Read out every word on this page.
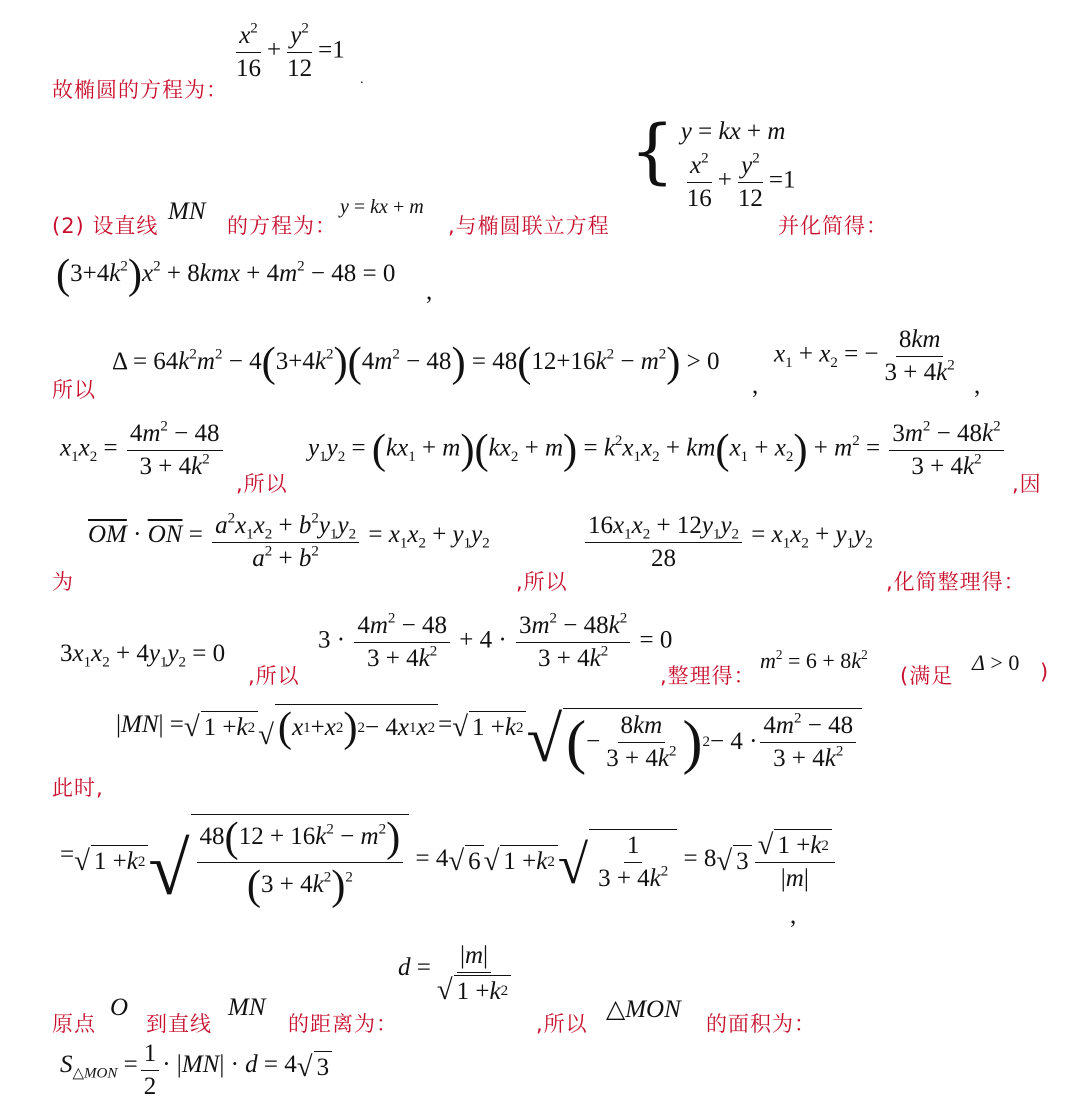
故椭圆的方程为：
$\frac{x^2}{16} + \frac{y^2}{12} =1$
.
(2) 设直线
MN
的方程为：
y = kx + m
,与椭圆联立方程
{ y = kx + m
$\frac{x^2}{16} + \frac{y^2}{12} =1$
并化简得：
$(3+4k^2)x^2 + 8kmx + 4m^2 - 48 = 0$
,
所以
$\Delta = 64k^2m^2 - 4(3+4k^2)(4m^2 - 48) = 48(12+16k^2 - m^2) > 0$
,
$x_1 + x_2$ = − $\frac{8km}{3 + 4k^2}$ ,
$x_1x_2 = \frac{4m^2 - 48}{3 + 4k^2}$
,所以
$y_1y_2 = (kx_1 + m)(kx_2 + m) = k^2x_1x_2 + km(x_1 + x_2) + m^2 = \frac{3m^2 - 48k^2}{3 + 4k^2}$
,因
为
$\overline{OM} \cdot \overline{ON} = \frac{a^2x_1x_2 + b^2y_1y_2}{a^2 + b^2} = x_1x_2 + y_1y_2$
,所以
$\frac{16x_1x_2 + 12y_1y_2}{28} = x_1x_2 + y_1y_2$
,化简整理得：
$3x_1x_2 + 4y_1y_2 = 0$
,所以
$3 \cdot \frac{4m^2 - 48}{3 + 4k^2} + 4 \cdot \frac{3m^2 - 48k^2}{3 + 4k^2} = 0$
,整理得：
$m^2 = 6 + 8k^2$
(满足
Δ > 0 )
此时,
|MN| = √ 1 + k 2 √ ( x 1 + x 2 ) 2 − 4 x 1 x 2 = √ 1 + k 2 √ ( − $\frac{8km}{3 + 4k^2}$ ) $2 - 4 \cdot \frac{4m^2 - 48}{3 + 4k^2}$
= √ 1 + k 2 √ $\frac{48(12 + 16k^2 - m^2)}{(3 + 4k^2)^2} = 4$ √ 6 √ 1 + k 2 √ $\frac{1}{3 + 4k^2} = 8$ √ $3 \frac{√ 1 + k 2}{|m|}$
,
原点
O
到直线
MN
的距离为：
$d = \frac{|m|}{√ 1 + k 2}$
,所以
△MON
的面积为：
$S_{\triangle MON} = \frac{1}{2} \cdot |MN| \cdot d = 4$ √ 3
